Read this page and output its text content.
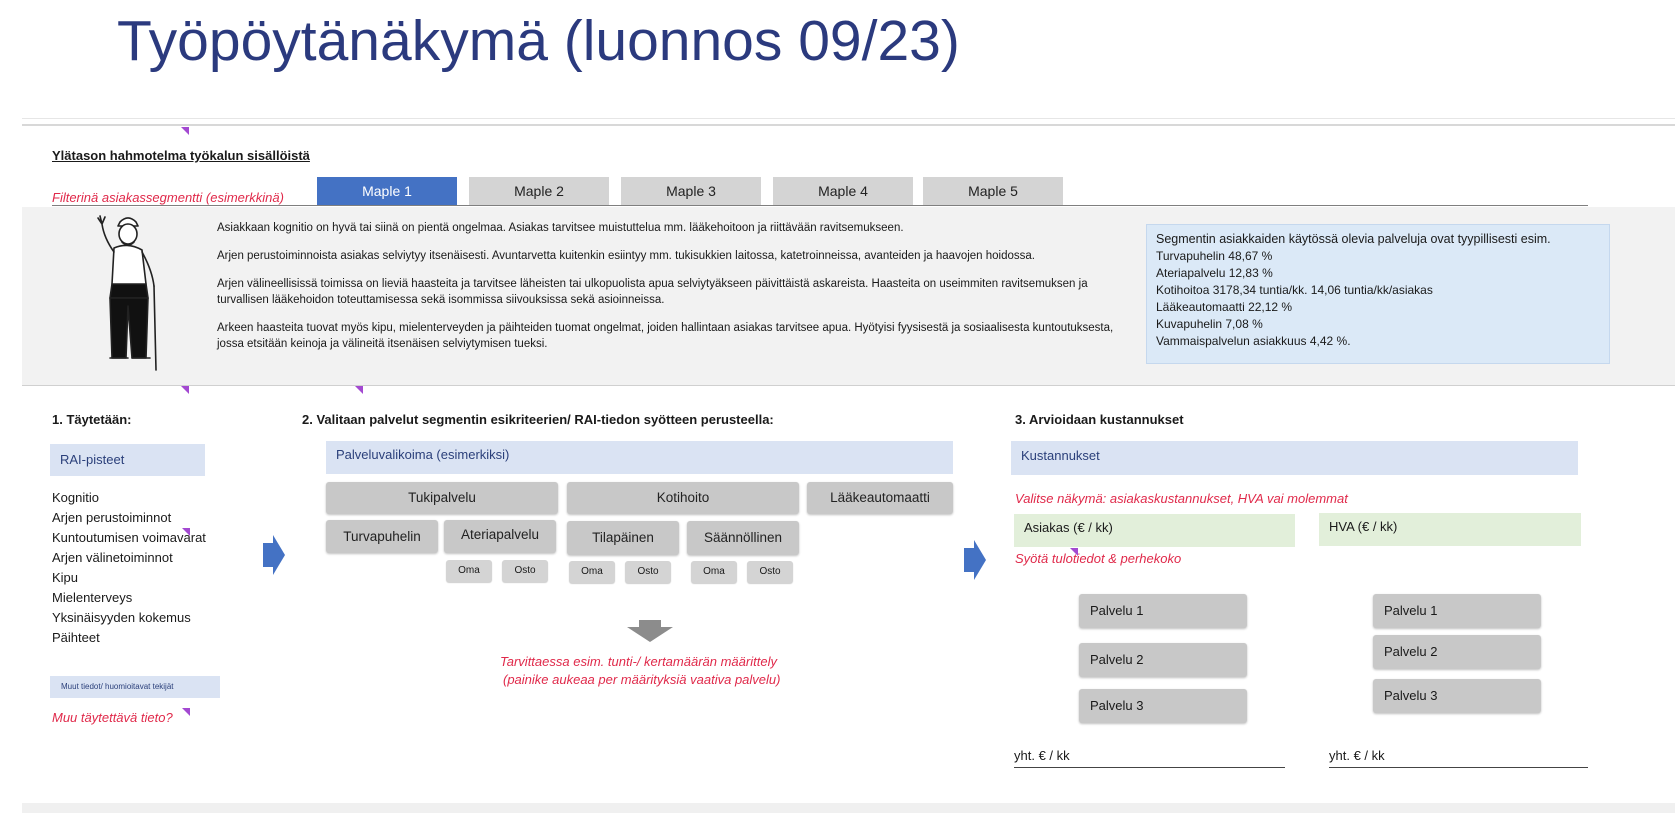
Työpöytänäkymä (luonnos 09/23)
Ylätason hahmotelma työkalun sisällöistä
Filterinä asiakassegmentti (esimerkkinä)	Maple 1	Maple 2	Maple 3	Maple 4	Maple 5

Asiakkaan kognitio on hyvä tai siinä on pientä ongelmaa. Asiakas tarvitsee muistuttelua mm. lääkehoitoon ja riittävään ravitsemukseen.

Arjen perustoiminnoista asiakas selviytyy itsenäisesti. Avuntarvetta kuitenkin esiintyy mm. tukisukkien laitossa, katetroinneissa, avanteiden ja haavojen hoidossa.

Arjen välineellisissä toimissa on lieviä haasteita ja tarvitsee läheisten tai ulkopuolista apua selviytyäkseen päivittäistä askareista. Haasteita on useimmiten ravitsemuksen ja turvallisen lääkehoidon toteuttamisessa sekä isommissa siivouksissa sekä asioinneissa.

Arkeen haasteita tuovat myös kipu, mielenterveyden ja päihteiden tuomat ongelmat, joiden hallintaan asiakas tarvitsee apua. Hyötyisi fyysisestä ja sosiaalisesta kuntoutuksesta, jossa etsitään keinoja ja välineitä itsenäisen selviytymisen tueksi.

Segmentin asiakkaiden käytössä olevia palveluja ovat tyypillisesti esim.
Turvapuhelin 48,67 %
Ateriapalvelu 12,83 %
Kotihoitoa 3178,34 tuntia/kk. 14,06 tuntia/kk/asiakas
Lääkeautomaatti 22,12 %
Kuvapuhelin 7,08 %
Vammaispalvelun asiakkuus 4,42 %.
1. Täytetään:
RAI-pisteet
Kognitio
Arjen perustoiminnot
Kuntoutumisen voimavarat
Arjen välinetoiminnot
Kipu
Mielenterveys
Yksinäisyyden kokemus
Päihteet
Muut tiedot/ huomioitavat tekijät
Muu täytettävä tieto?
2. Valitaan palvelut segmentin esikriteerien/ RAI-tiedon syötteen perusteella:
Palveluvalikoima (esimerkiksi)
Tukipalvelu	Kotihoito	Lääkeautomaatti
Turvapuhelin	Ateriapalvelu	Tilapäinen	Säännöllinen
Oma	Osto	Oma	Osto	Oma	Osto
Tarvittaessa esim. tunti-/ kertamäärän määrittely
(painike aukeaa per määrityksiä vaativa palvelu)
3. Arvioidaan kustannukset
Kustannukset
Valitse näkymä: asiakaskustannukset, HVA vai molemmat
Asiakas (€ / kk)	HVA (€ / kk)
Syötä tulotiedot & perhekoko
Palvelu 1
Palvelu 2
Palvelu 3
Palvelu 1
Palvelu 2
Palvelu 3
yht. € / kk	yht. € / kk
